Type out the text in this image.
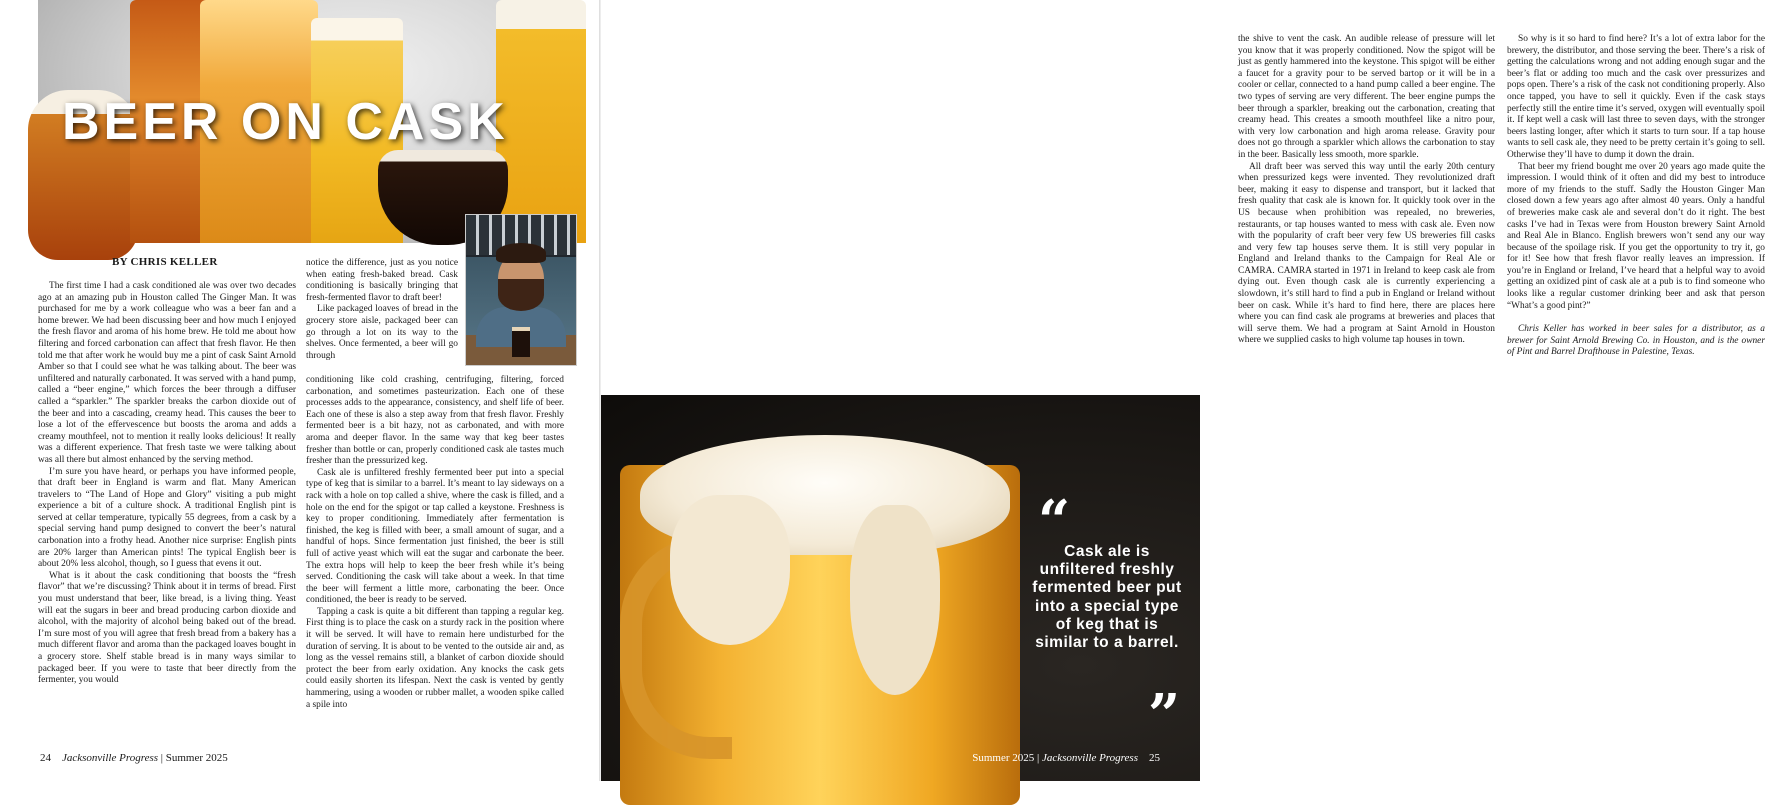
BEER ON CASK
BY CHRIS KELLER

The first time I had a cask conditioned ale was over two decades ago at an amazing pub in Houston called The Ginger Man. It was purchased for me by a work colleague who was a beer fan and a home brewer. We had been discussing beer and how much I enjoyed the fresh flavor and aroma of his home brew. He told me about how filtering and forced carbonation can affect that fresh flavor. He then told me that after work he would buy me a pint of cask Saint Arnold Amber so that I could see what he was talking about. The beer was unfiltered and naturally carbonated. It was served with a hand pump, called a “beer engine,” which forces the beer through a diffuser called a “sparkler.” The sparkler breaks the carbon dioxide out of the beer and into a cascading, creamy head. This causes the beer to lose a lot of the effervescence but boosts the aroma and adds a creamy mouthfeel, not to mention it really looks delicious! It really was a different experience. That fresh taste we were talking about was all there but almost enhanced by the serving method.

I’m sure you have heard, or perhaps you have informed people, that draft beer in England is warm and flat. Many American travelers to “The Land of Hope and Glory” visiting a pub might experience a bit of a culture shock. A traditional English pint is served at cellar temperature, typically 55 degrees, from a cask by a special serving hand pump designed to convert the beer’s natural carbonation into a frothy head. Another nice surprise: English pints are 20% larger than American pints! The typical English beer is about 20% less alcohol, though, so I guess that evens it out.

What is it about the cask conditioning that boosts the “fresh flavor” that we’re discussing? Think about it in terms of bread. First you must understand that beer, like bread, is a living thing. Yeast will eat the sugars in beer and bread producing carbon dioxide and alcohol, with the majority of alcohol being baked out of the bread. I’m sure most of you will agree that fresh bread from a bakery has a much different flavor and aroma than the packaged loaves bought in a grocery store. Shelf stable bread is in many ways similar to packaged beer. If you were to taste that beer directly from the fermenter, you would

notice the difference, just as you notice when eating fresh-baked bread. Cask conditioning is basically bringing that fresh-fermented flavor to draft beer!

Like packaged loaves of bread in the grocery store aisle, packaged beer can go through a lot on its way to the shelves. Once fermented, a beer will go through

conditioning like cold crashing, centrifuging, filtering, forced carbonation, and sometimes pasteurization. Each one of these processes adds to the appearance, consistency, and shelf life of beer. Each one of these is also a step away from that fresh flavor. Freshly fermented beer is a bit hazy, not as carbonated, and with more aroma and deeper flavor. In the same way that keg beer tastes fresher than bottle or can, properly conditioned cask ale tastes much fresher than the pressurized keg.

Cask ale is unfiltered freshly fermented beer put into a special type of keg that is similar to a barrel. It’s meant to lay sideways on a rack with a hole on top called a shive, where the cask is filled, and a hole on the end for the spigot or tap called a keystone. Freshness is key to proper conditioning. Immediately after fermentation is finished, the keg is filled with beer, a small amount of sugar, and a handful of hops. Since fermentation just finished, the beer is still full of active yeast which will eat the sugar and carbonate the beer. The extra hops will help to keep the beer fresh while it’s being served. Conditioning the cask will take about a week. In that time the beer will ferment a little more, carbonating the beer. Once conditioned, the beer is ready to be served.

Tapping a cask is quite a bit different than tapping a regular keg. First thing is to place the cask on a sturdy rack in the position where it will be served. It will have to remain here undisturbed for the duration of serving. It is about to be vented to the outside air and, as long as the vessel remains still, a blanket of carbon dioxide should protect the beer from early oxidation. Any knocks the cask gets could easily shorten its lifespan. Next the cask is vented by gently hammering, using a wooden or rubber mallet, a wooden spike called a spile into

24 Jacksonville Progress | Summer 2025

the shive to vent the cask. An audible release of pressure will let you know that it was properly conditioned. Now the spigot will be just as gently hammered into the keystone. This spigot will be either a faucet for a gravity pour to be served bartop or it will be in a cooler or cellar, connected to a hand pump called a beer engine. The two types of serving are very different. The beer engine pumps the beer through a sparkler, breaking out the carbonation, creating that creamy head. This creates a smooth mouthfeel like a nitro pour, with very low carbonation and high aroma release. Gravity pour does not go through a sparkler which allows the carbonation to stay in the beer. Basically less smooth, more sparkle.

All draft beer was served this way until the early 20th century when pressurized kegs were invented. They revolutionized draft beer, making it easy to dispense and transport, but it lacked that fresh quality that cask ale is known for. It quickly took over in the US because when prohibition was repealed, no breweries, restaurants, or tap houses wanted to mess with cask ale. Even now with the popularity of craft beer very few US breweries fill casks and very few tap houses serve them. It is still very popular in England and Ireland thanks to the Campaign for Real Ale or CAMRA. CAMRA started in 1971 in Ireland to keep cask ale from dying out. Even though cask ale is currently experiencing a slowdown, it’s still hard to find a pub in England or Ireland without beer on cask. While it’s hard to find here, there are places here where you can find cask ale programs at breweries and places that will serve them. We had a program at Saint Arnold in Houston where we supplied casks to high volume tap houses in town.

So why is it so hard to find here? It’s a lot of extra labor for the brewery, the distributor, and those serving the beer. There’s a risk of getting the calculations wrong and not adding enough sugar and the beer’s flat or adding too much and the cask over pressurizes and pops open. There’s a risk of the cask not conditioning properly. Also once tapped, you have to sell it quickly. Even if the cask stays perfectly still the entire time it’s served, oxygen will eventually spoil it. If kept well a cask will last three to seven days, with the stronger beers lasting longer, after which it starts to turn sour. If a tap house wants to sell cask ale, they need to be pretty certain it’s going to sell. Otherwise they’ll have to dump it down the drain.

That beer my friend bought me over 20 years ago made quite the impression. I would think of it often and did my best to introduce more of my friends to the stuff. Sadly the Houston Ginger Man closed down a few years ago after almost 40 years. Only a handful of breweries make cask ale and several don’t do it right. The best casks I’ve had in Texas were from Houston brewery Saint Arnold and Real Ale in Blanco. English brewers won’t send any our way because of the spoilage risk. If you get the opportunity to try it, go for it! See how that fresh flavor really leaves an impression. If you’re in England or Ireland, I’ve heard that a helpful way to avoid getting an oxidized pint of cask ale at a pub is to find someone who looks like a regular customer drinking beer and ask that person “What’s a good pint?”

Chris Keller has worked in beer sales for a distributor, as a brewer for Saint Arnold Brewing Co. in Houston, and is the owner of Pint and Barrel Drafthouse in Palestine, Texas.

“
Cask ale is unfiltered freshly fermented beer put into a special type of keg that is similar to a barrel.
”
Summer 2025 | Jacksonville Progress 25
